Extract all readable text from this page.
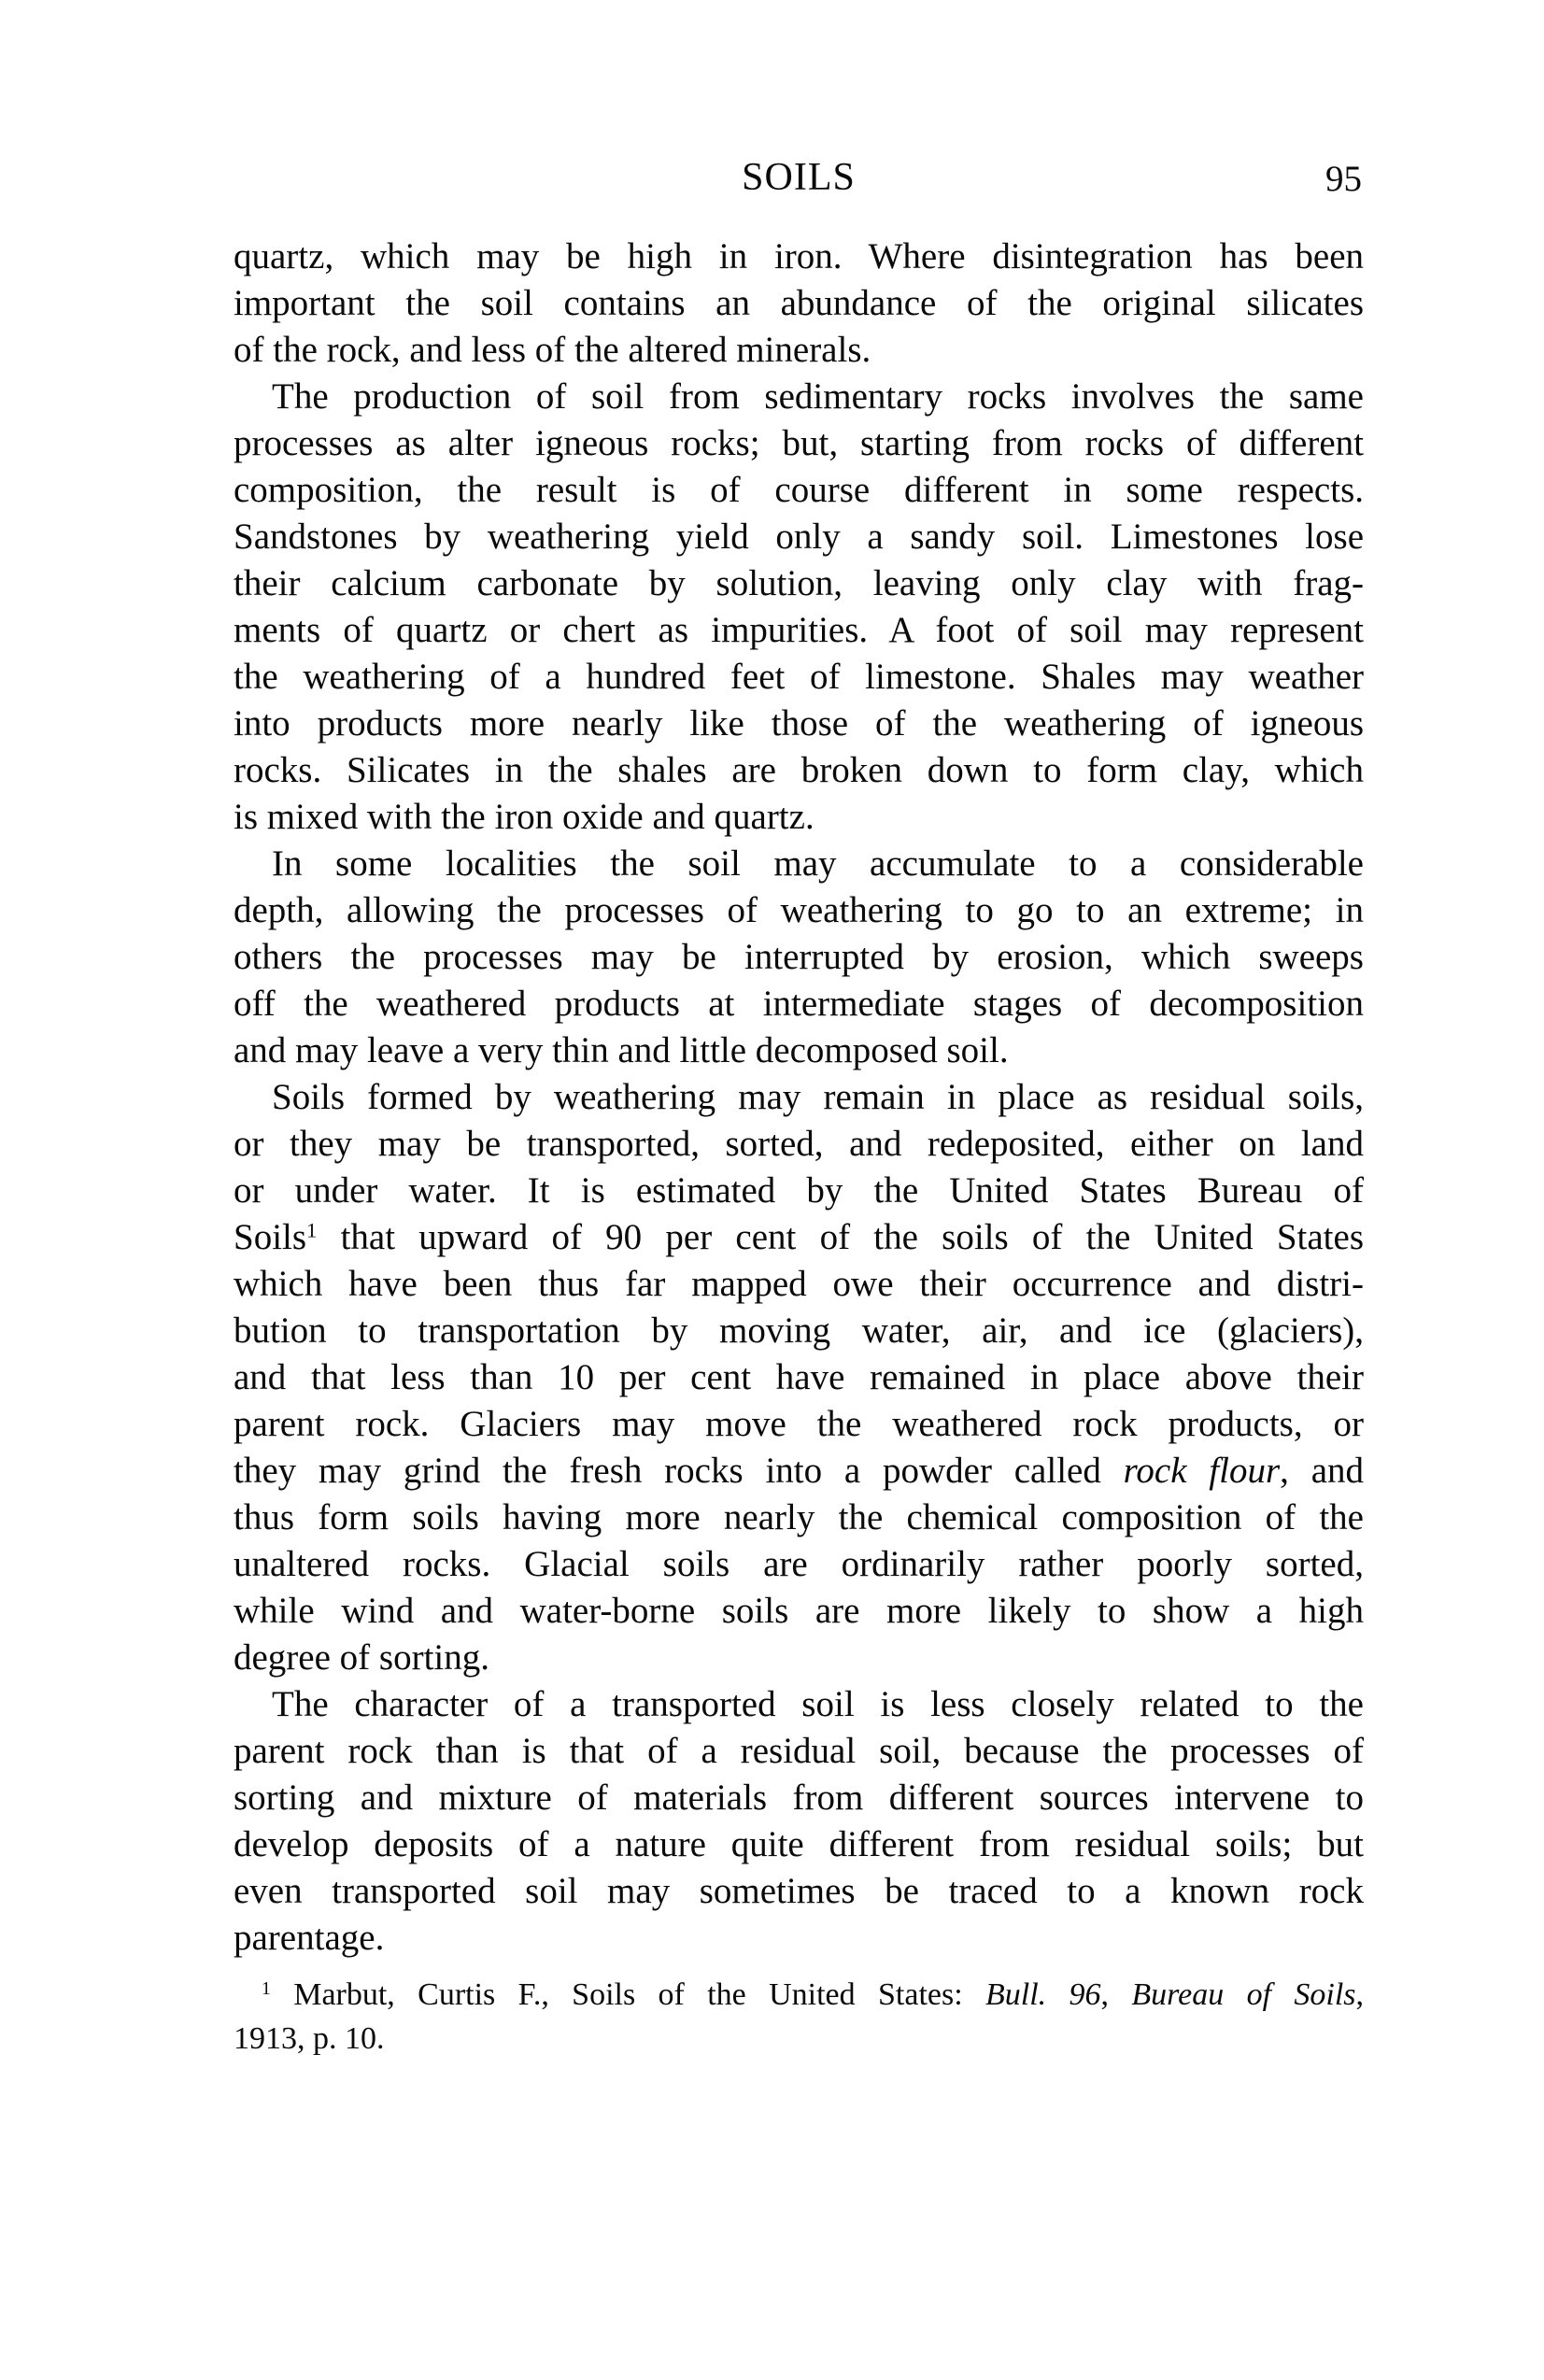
SOILS	95
quartz, which may be high in iron. Where disintegration has been
important the soil contains an abundance of the original silicates
of the rock, and less of the altered minerals.
The production of soil from sedimentary rocks involves the same
processes as alter igneous rocks; but, starting from rocks of different
composition, the result is of course different in some respects.
Sandstones by weathering yield only a sandy soil. Limestones lose
their calcium carbonate by solution, leaving only clay with frag-
ments of quartz or chert as impurities. A foot of soil may represent
the weathering of a hundred feet of limestone. Shales may weather
into products more nearly like those of the weathering of igneous
rocks. Silicates in the shales are broken down to form clay, which
is mixed with the iron oxide and quartz.
In some localities the soil may accumulate to a considerable
depth, allowing the processes of weathering to go to an extreme; in
others the processes may be interrupted by erosion, which sweeps
off the weathered products at intermediate stages of decomposition
and may leave a very thin and little decomposed soil.
Soils formed by weathering may remain in place as residual soils,
or they may be transported, sorted, and redeposited, either on land
or under water. It is estimated by the United States Bureau of
Soils$^1$ that upward of 90 per cent of the soils of the United States
which have been thus far mapped owe their occurrence and distri-
bution to transportation by moving water, air, and ice (glaciers),
and that less than 10 per cent have remained in place above their
parent rock. Glaciers may move the weathered rock products, or
they may grind the fresh rocks into a powder called rock flour, and
thus form soils having more nearly the chemical composition of the
unaltered rocks. Glacial soils are ordinarily rather poorly sorted,
while wind and water-borne soils are more likely to show a high
degree of sorting.
The character of a transported soil is less closely related to the
parent rock than is that of a residual soil, because the processes of
sorting and mixture of materials from different sources intervene to
develop deposits of a nature quite different from residual soils; but
even transported soil may sometimes be traced to a known rock
parentage.
$^1$ Marbut, Curtis F., Soils of the United States: Bull. 96, Bureau of Soils,
1913, p. 10.
